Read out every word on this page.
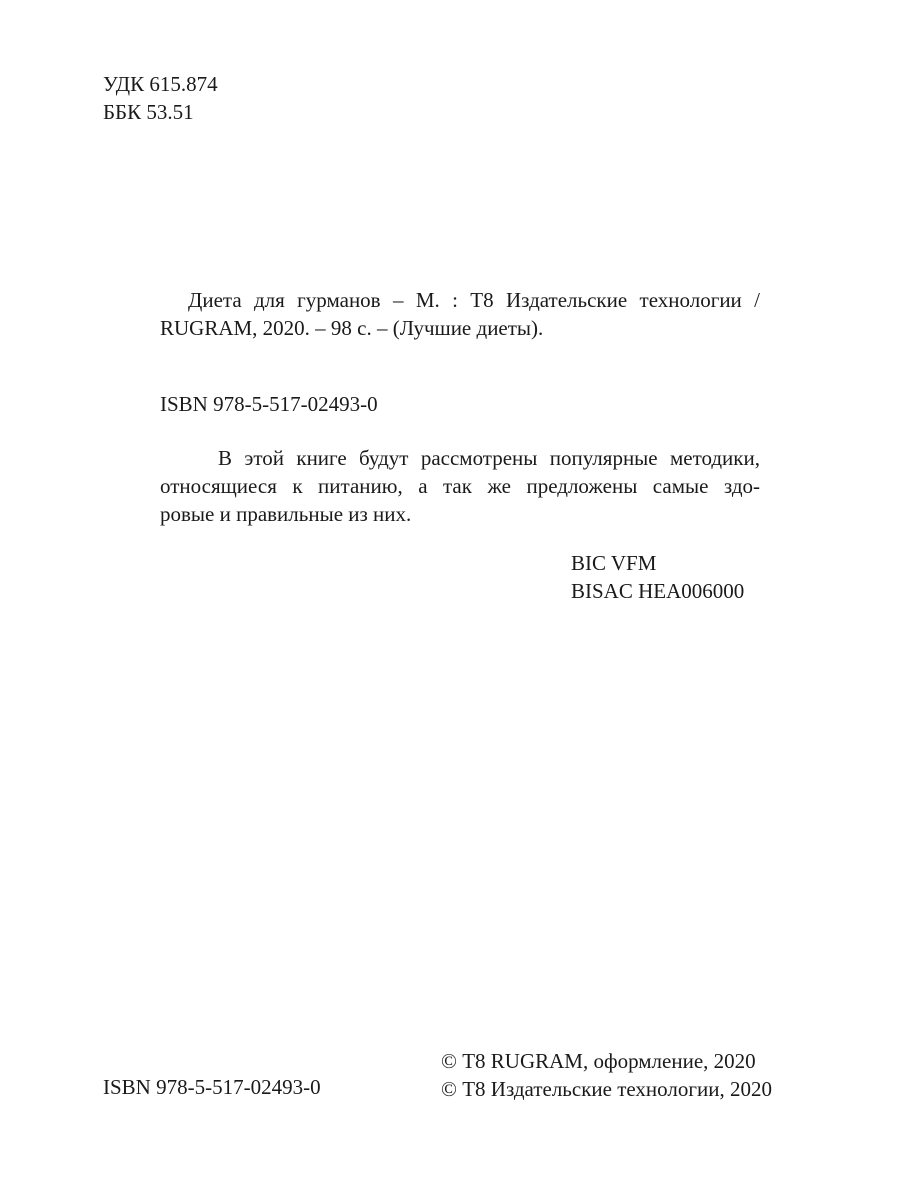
УДК 615.874
ББК 53.51
Диета для гурманов – М. : Т8 Издательские технологии /
RUGRAM, 2020. – 98 с. – (Лучшие диеты).
ISBN 978-5-517-02493-0
В этой книге будут рассмотрены популярные методики,
относящиеся к питанию, а так же предложены самые здо-
ровые и правильные из них.
BIC VFM
BISAC HEA006000
ISBN 978-5-517-02493-0
© Т8 RUGRAM, оформление, 2020
© Т8 Издательские технологии, 2020
